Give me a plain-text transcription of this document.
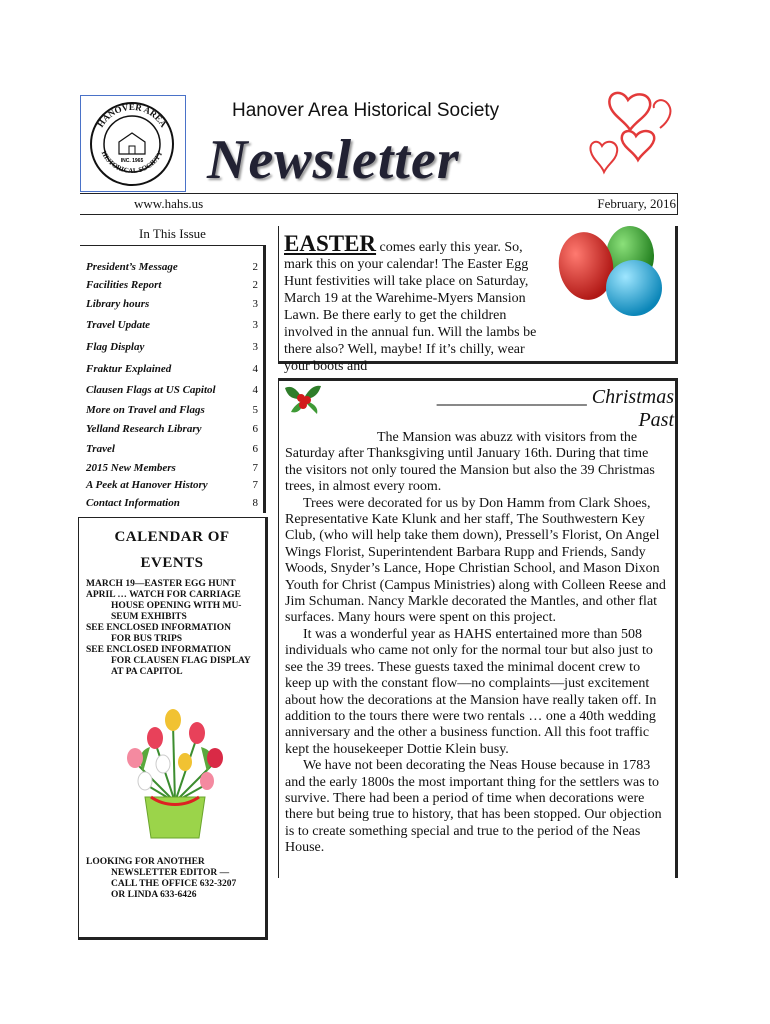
HANOVER AREA
HISTORICAL SOCIETY
INC. 1965
Hanover Area Historical Society
Newsletter
www.hahs.us	February, 2016
In This Issue
President’s Message	2
Facilities Report	2
Library hours	3
Travel Update	3
Flag Display	3
Fraktur Explained	4
Clausen Flags at US Capitol	4
More on Travel and Flags	5
Yelland Research Library	6
Travel	6
2015 New Members	7
A Peek at Hanover History	7
Contact Information	8
CALENDAR OF
EVENTS
MARCH 19—EASTER EGG HUNT
APRIL … WATCH FOR CARRIAGE
HOUSE OPENING WITH MU-
SEUM EXHIBITS
SEE ENCLOSED INFORMATION
FOR BUS TRIPS
SEE ENCLOSED INFORMATION
FOR CLAUSEN FLAG DISPLAY
AT PA CAPITOL
LOOKING FOR ANOTHER
NEWSLETTER EDITOR —
CALL THE OFFICE 632-3207
OR LINDA 633-6426
EASTER comes early this year. So, mark this on your calendar! The Easter Egg Hunt festivities will take place on Saturday, March 19 at the Warehime-Myers Mansion Lawn. Be there early to get the children involved in the annual fun. Will the lambs be there also? Well, maybe! If it’s chilly, wear your boots and
_______________ Christmas Past

The Mansion was abuzz with visitors from the Saturday after Thanksgiving until January 16th. During that time the visitors not only toured the Mansion but also the 39 Christmas trees, in almost every room.

Trees were decorated for us by Don Hamm from Clark Shoes, Representative Kate Klunk and her staff, The Southwestern Key Club, (who will help take them down), Pressell’s Florist, On Angel Wings Florist, Superintendent Barbara Rupp and Friends, Sandy Woods, Snyder’s Lance, Hope Christian School, and Mason Dixon Youth for Christ (Campus Ministries) along with Colleen Reese and Jim Schuman. Nancy Markle decorated the Mantles, and other flat surfaces. Many hours were spent on this project.

It was a wonderful year as HAHS entertained more than 508 individuals who came not only for the normal tour but also just to see the 39 trees. These guests taxed the minimal docent crew to keep up with the constant flow—no complaints—just excitement about how the decorations at the Mansion have really taken off. In addition to the tours there were two rentals … one a 40th wedding anniversary and the other a business function. All this foot traffic kept the housekeeper Dottie Klein busy.

We have not been decorating the Neas House because in 1783 and the early 1800s the most important thing for the settlers was to survive. There had been a period of time when decorations were there but being true to history, that has been stopped. Our objection is to create something special and true to the period of the Neas House.
